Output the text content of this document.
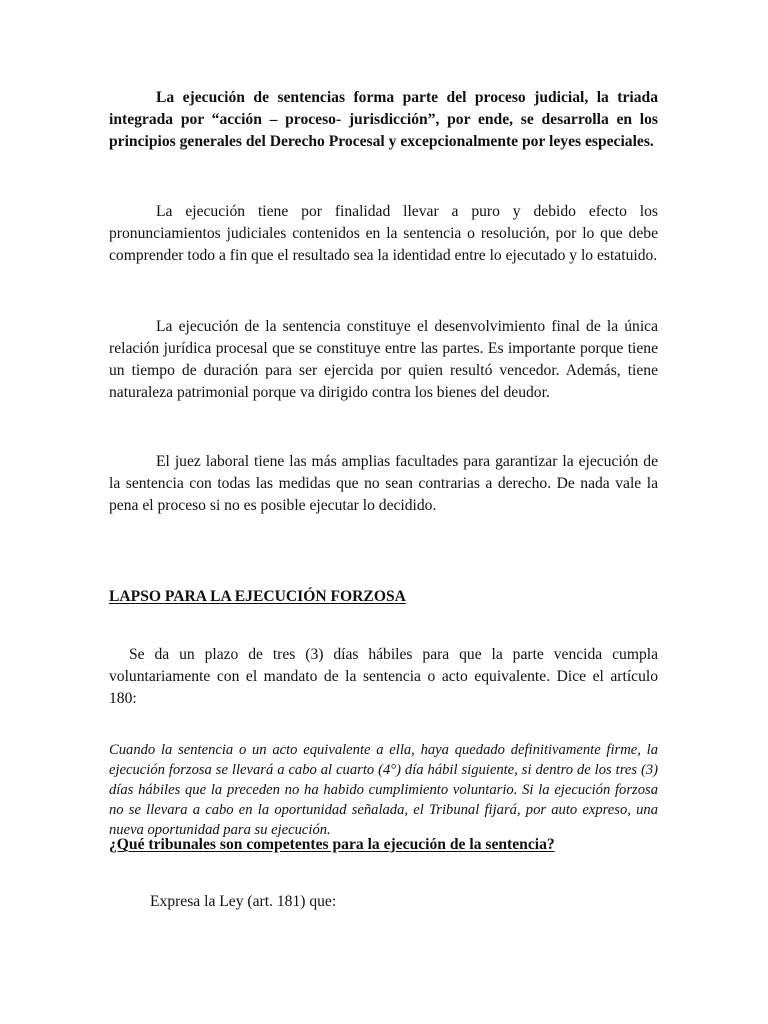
La ejecución de sentencias forma parte del proceso judicial, la triada integrada por “acción – proceso- jurisdicción”, por ende, se desarrolla en los principios generales del Derecho Procesal y excepcionalmente por leyes especiales.

La ejecución tiene por finalidad llevar a puro y debido efecto los pronunciamientos judiciales contenidos en la sentencia o resolución, por lo que debe comprender todo a fin que el resultado sea la identidad entre lo ejecutado y lo estatuido.

La ejecución de la sentencia constituye el desenvolvimiento final de la única relación jurídica procesal que se constituye entre las partes. Es importante porque tiene un tiempo de duración para ser ejercida por quien resultó vencedor. Además, tiene naturaleza patrimonial porque va dirigido contra los bienes del deudor.

El juez laboral tiene las más amplias facultades para garantizar la ejecución de la sentencia con todas las medidas que no sean contrarias a derecho. De nada vale la pena el proceso si no es posible ejecutar lo decidido.

LAPSO PARA LA EJECUCIÓN FORZOSA

Se da un plazo de tres (3) días hábiles para que la parte vencida cumpla voluntariamente con el mandato de la sentencia o acto equivalente. Dice el artículo 180:

Cuando la sentencia o un acto equivalente a ella, haya quedado definitivamente firme, la ejecución forzosa se llevará a cabo al cuarto (4°) día hábil siguiente, si dentro de los tres (3) días hábiles que la preceden no ha habido cumplimiento voluntario. Si la ejecución forzosa no se llevara a cabo en la oportunidad señalada, el Tribunal fijará, por auto expreso, una nueva oportunidad para su ejecución.

¿Qué tribunales son competentes para la ejecución de la sentencia?

Expresa la Ley (art. 181) que:
